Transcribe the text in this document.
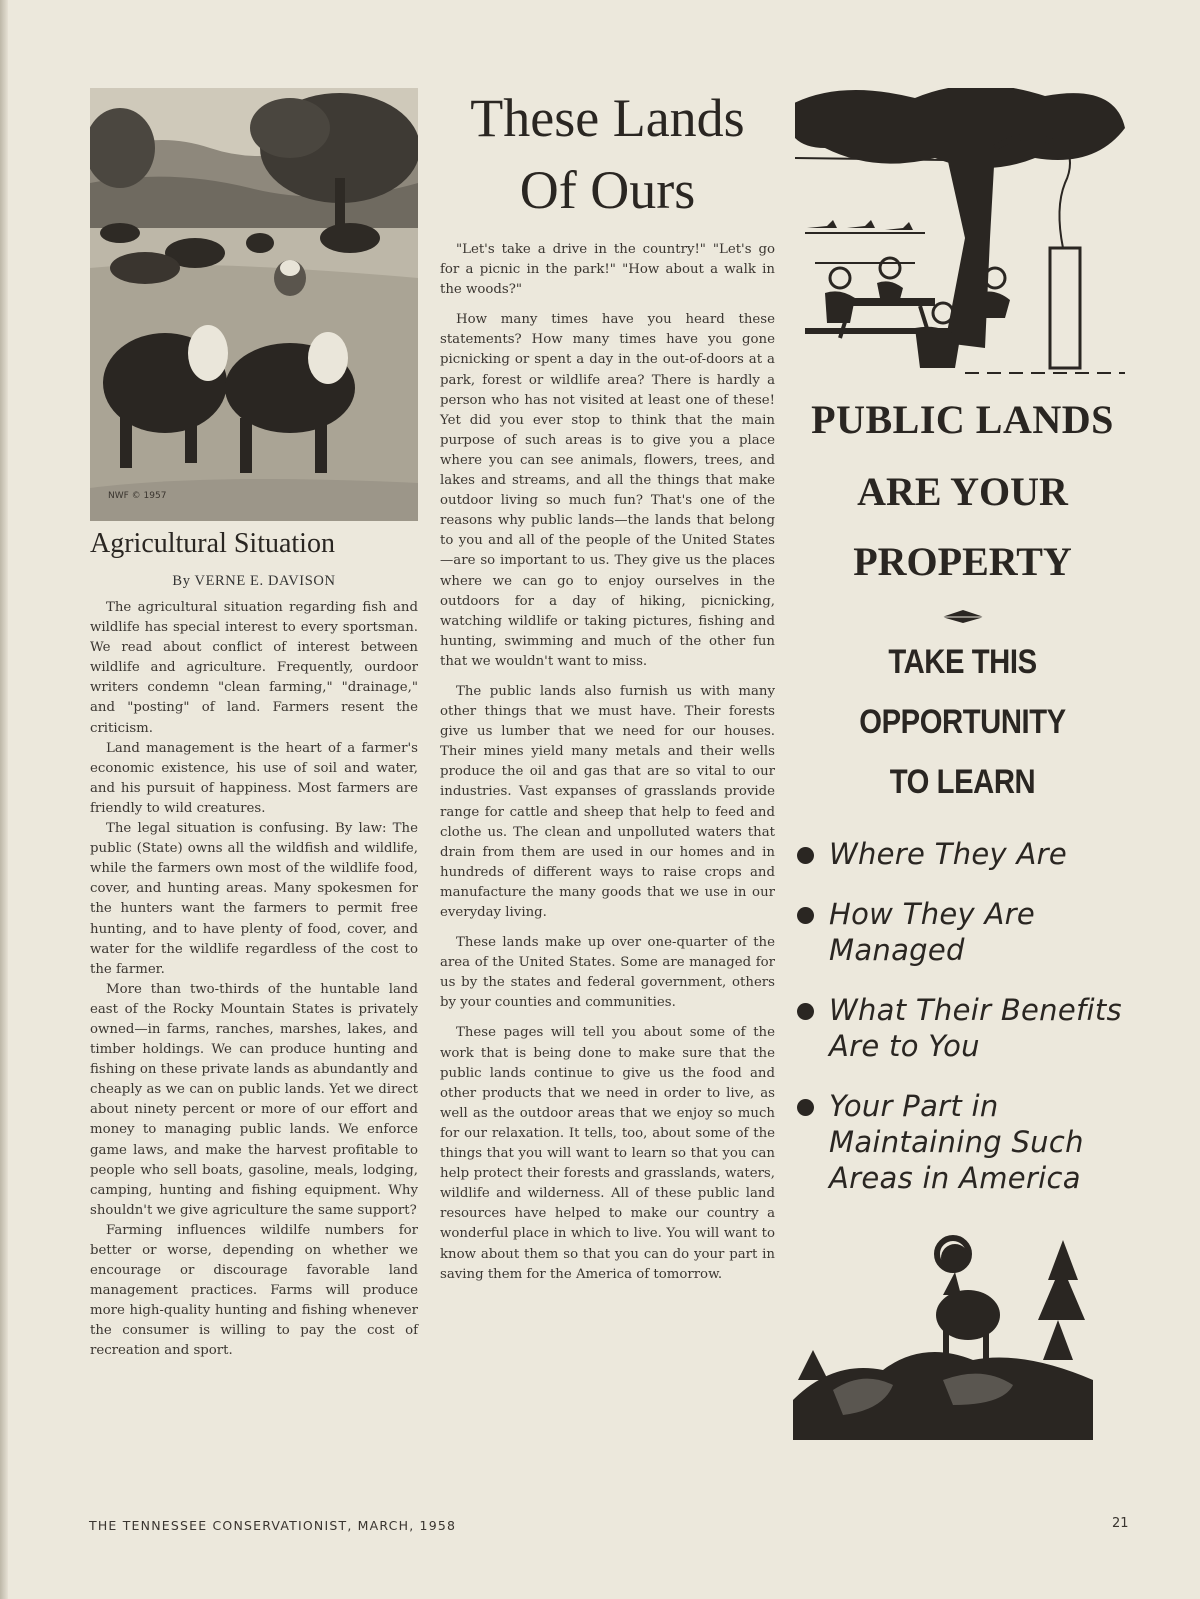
NWF © 1957
Agricultural Situation
By VERNE E. DAVISON

The agricultural situation regarding fish and wildlife has special interest to every sportsman. We read about conflict of interest between wildlife and agriculture. Frequently, ourdoor writers condemn "clean farming," "drainage," and "posting" of land. Farmers resent the criticism.

Land management is the heart of a farmer's economic existence, his use of soil and water, and his pursuit of happiness. Most farmers are friendly to wild creatures.

The legal situation is confusing. By law: The public (State) owns all the wildfish and wildlife, while the farmers own most of the wildlife food, cover, and hunting areas. Many spokesmen for the hunters want the farmers to permit free hunting, and to have plenty of food, cover, and water for the wildlife regardless of the cost to the farmer.

More than two-thirds of the huntable land east of the Rocky Mountain States is privately owned—in farms, ranches, marshes, lakes, and timber holdings. We can produce hunting and fishing on these private lands as abundantly and cheaply as we can on public lands. Yet we direct about ninety percent or more of our effort and money to managing public lands. We enforce game laws, and make the harvest profitable to people who sell boats, gasoline, meals, lodging, camping, hunting and fishing equipment. Why shouldn't we give agriculture the same support?

Farming influences wildilfe numbers for better or worse, depending on whether we encourage or discourage favorable land management practices. Farms will produce more high-quality hunting and fishing whenever the consumer is willing to pay the cost of recreation and sport.

These Lands
Of Ours

"Let's take a drive in the country!" "Let's go for a picnic in the park!" "How about a walk in the woods?"

How many times have you heard these statements? How many times have you gone picnicking or spent a day in the out-of-doors at a park, forest or wildlife area? There is hardly a person who has not visited at least one of these! Yet did you ever stop to think that the main purpose of such areas is to give you a place where you can see animals, flowers, trees, and lakes and streams, and all the things that make outdoor living so much fun? That's one of the reasons why public lands—the lands that belong to you and all of the people of the United States —are so important to us. They give us the places where we can go to enjoy ourselves in the outdoors for a day of hiking, picnicking, watching wildlife or taking pictures, fishing and hunting, swimming and much of the other fun that we wouldn't want to miss.

The public lands also furnish us with many other things that we must have. Their forests give us lumber that we need for our houses. Their mines yield many metals and their wells produce the oil and gas that are so vital to our industries. Vast expanses of grasslands provide range for cattle and sheep that help to feed and clothe us. The clean and unpolluted waters that drain from them are used in our homes and in hundreds of different ways to raise crops and manufacture the many goods that we use in our everyday living.

These lands make up over one-quarter of the area of the United States. Some are managed for us by the states and federal government, others by your counties and communities.

These pages will tell you about some of the work that is being done to make sure that the public lands continue to give us the food and other products that we need in order to live, as well as the outdoor areas that we enjoy so much for our relaxation. It tells, too, about some of the things that you will want to learn so that you can help protect their forests and grasslands, waters, wildlife and wilderness. All of these public land resources have helped to make our country a wonderful place in which to live. You will want to know about them so that you can do your part in saving them for the America of tomorrow.

PUBLIC LANDS
ARE YOUR
PROPERTY
TAKE THIS
OPPORTUNITY
TO LEARN
Where They Are
How They Are Managed
What Their Benefits Are to You
Your Part in Maintaining Such Areas in America
THE TENNESSEE CONSERVATIONIST, MARCH, 1958	21
